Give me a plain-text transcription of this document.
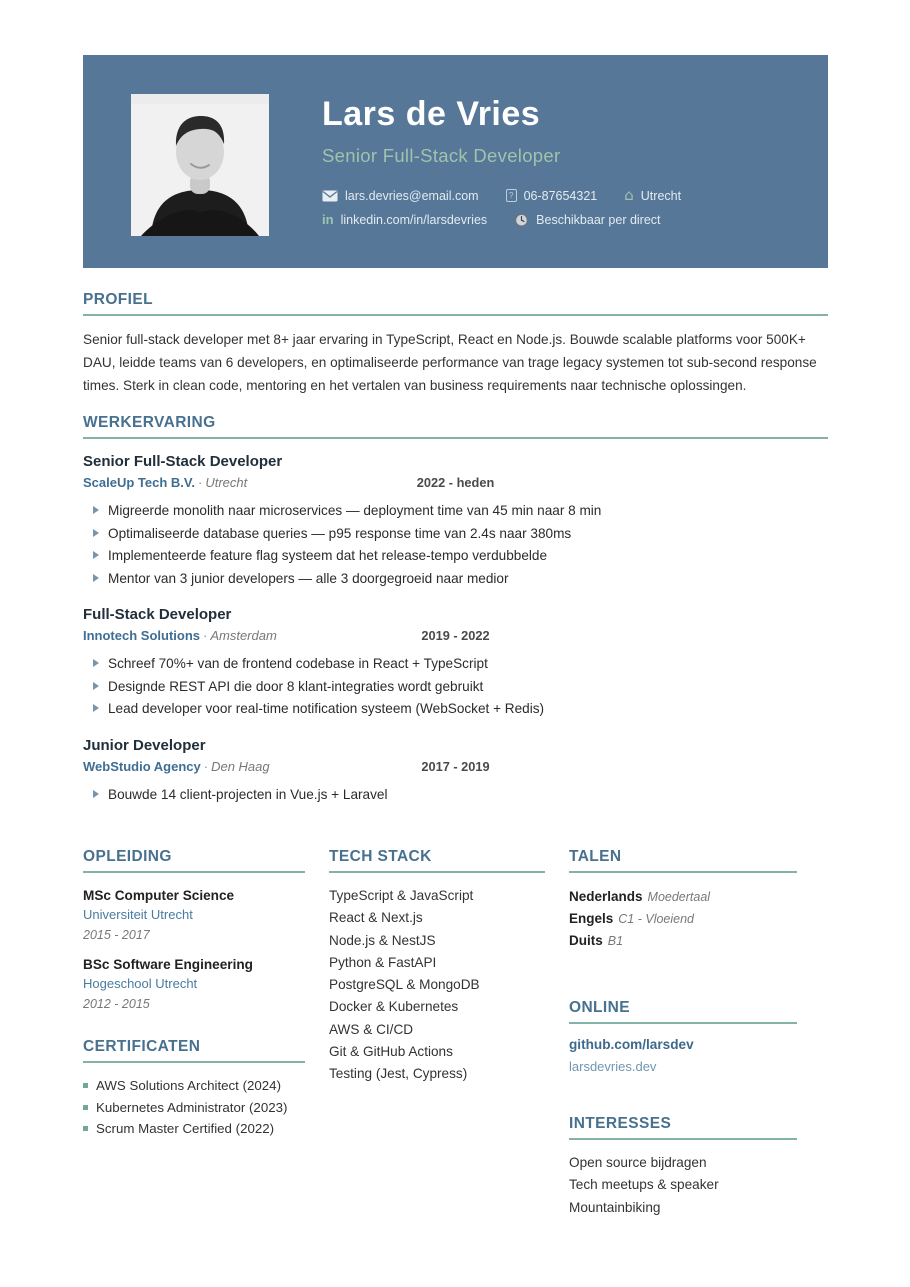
Lars de Vries
Senior Full-Stack Developer
lars.devries@email.com	? 06-87654321 ⌂ Utrecht
in linkedin.com/in/larsdevries	Beschikbaar per direct
PROFIEL

Senior full-stack developer met 8+ jaar ervaring in TypeScript, React en Node.js. Bouwde scalable platforms voor 500K+ DAU, leidde teams van 6 developers, en optimaliseerde performance van trage legacy systemen tot sub-second response times. Sterk in clean code, mentoring en het vertalen van business requirements naar technische oplossingen.

WERKERVARING
Senior Full-Stack Developer
ScaleUp Tech B.V. · Utrecht	2022 - heden
Migreerde monolith naar microservices — deployment time van 45 min naar 8 min
Optimaliseerde database queries — p95 response time van 2.4s naar 380ms
Implementeerde feature flag systeem dat het release-tempo verdubbelde
Mentor van 3 junior developers — alle 3 doorgegroeid naar medior
Full-Stack Developer
Innotech Solutions · Amsterdam	2019 - 2022
Schreef 70%+ van de frontend codebase in React + TypeScript
Designde REST API die door 8 klant-integraties wordt gebruikt
Lead developer voor real-time notification systeem (WebSocket + Redis)
Junior Developer
WebStudio Agency · Den Haag	2017 - 2019
Bouwde 14 client-projecten in Vue.js + Laravel
OPLEIDING
MSc Computer Science
Universiteit Utrecht
2015 - 2017
BSc Software Engineering
Hogeschool Utrecht
2012 - 2015
CERTIFICATEN
AWS Solutions Architect (2024)
Kubernetes Administrator (2023)
Scrum Master Certified (2022)
TECH STACK
TypeScript & JavaScript
React & Next.js
Node.js & NestJS
Python & FastAPI
PostgreSQL & MongoDB
Docker & Kubernetes
AWS & CI/CD
Git & GitHub Actions
Testing (Jest, Cypress)
TALEN
Nederlands Moedertaal
Engels C1 - Vloeiend
Duits B1
ONLINE
github.com/larsdev
larsdevries.dev
INTERESSES
Open source bijdragen
Tech meetups & speaker
Mountainbiking
